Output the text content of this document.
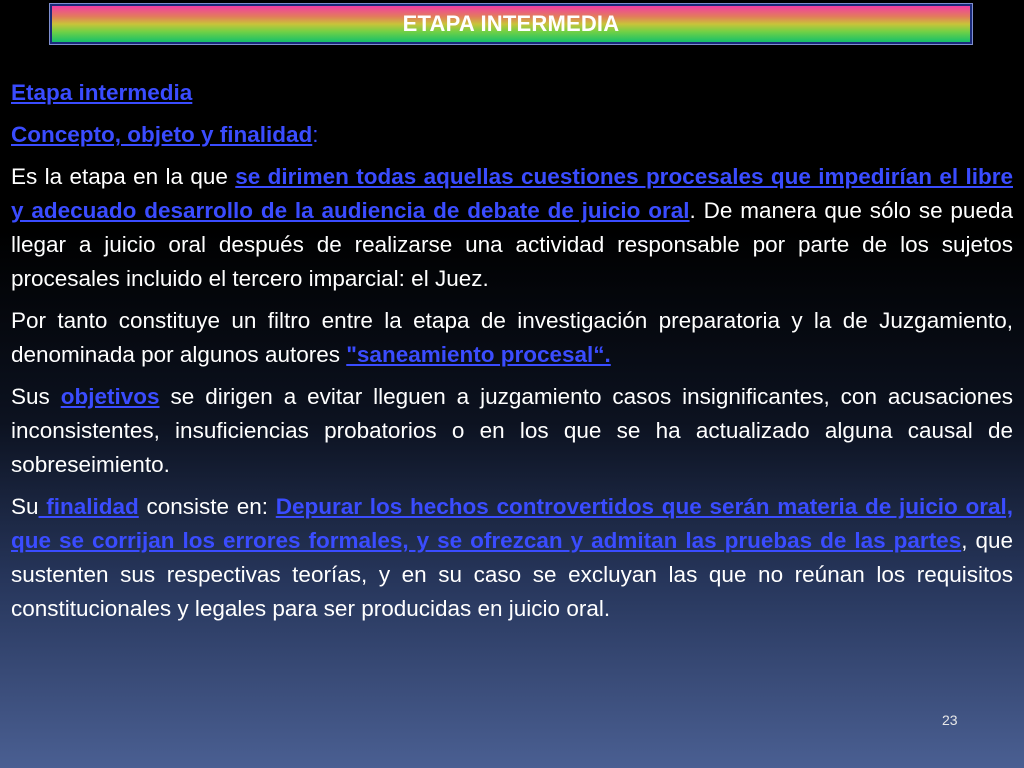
ETAPA INTERMEDIA

Etapa intermedia

Concepto, objeto y finalidad:

Es la etapa en la que se dirimen todas aquellas cuestiones procesales que impedirían el libre y adecuado desarrollo de la audiencia de debate de juicio oral. De manera que sólo se pueda llegar a juicio oral después de realizarse una actividad responsable por parte de los sujetos procesales incluido el tercero imparcial: el Juez.

Por tanto constituye un filtro entre la etapa de investigación preparatoria y la de Juzgamiento, denominada por algunos autores "saneamiento procesal“.

Sus objetivos se dirigen a evitar lleguen a juzgamiento casos insignificantes, con acusaciones inconsistentes, insuficiencias probatorios o en los que se ha actualizado alguna causal de sobreseimiento.

Su finalidad consiste en: Depurar los hechos controvertidos que serán materia de juicio oral, que se corrijan los errores formales, y se ofrezcan y admitan las pruebas de las partes, que sustenten sus respectivas teorías, y en su caso se excluyan las que no reúnan los requisitos constitucionales y legales para ser producidas en juicio oral.

23
